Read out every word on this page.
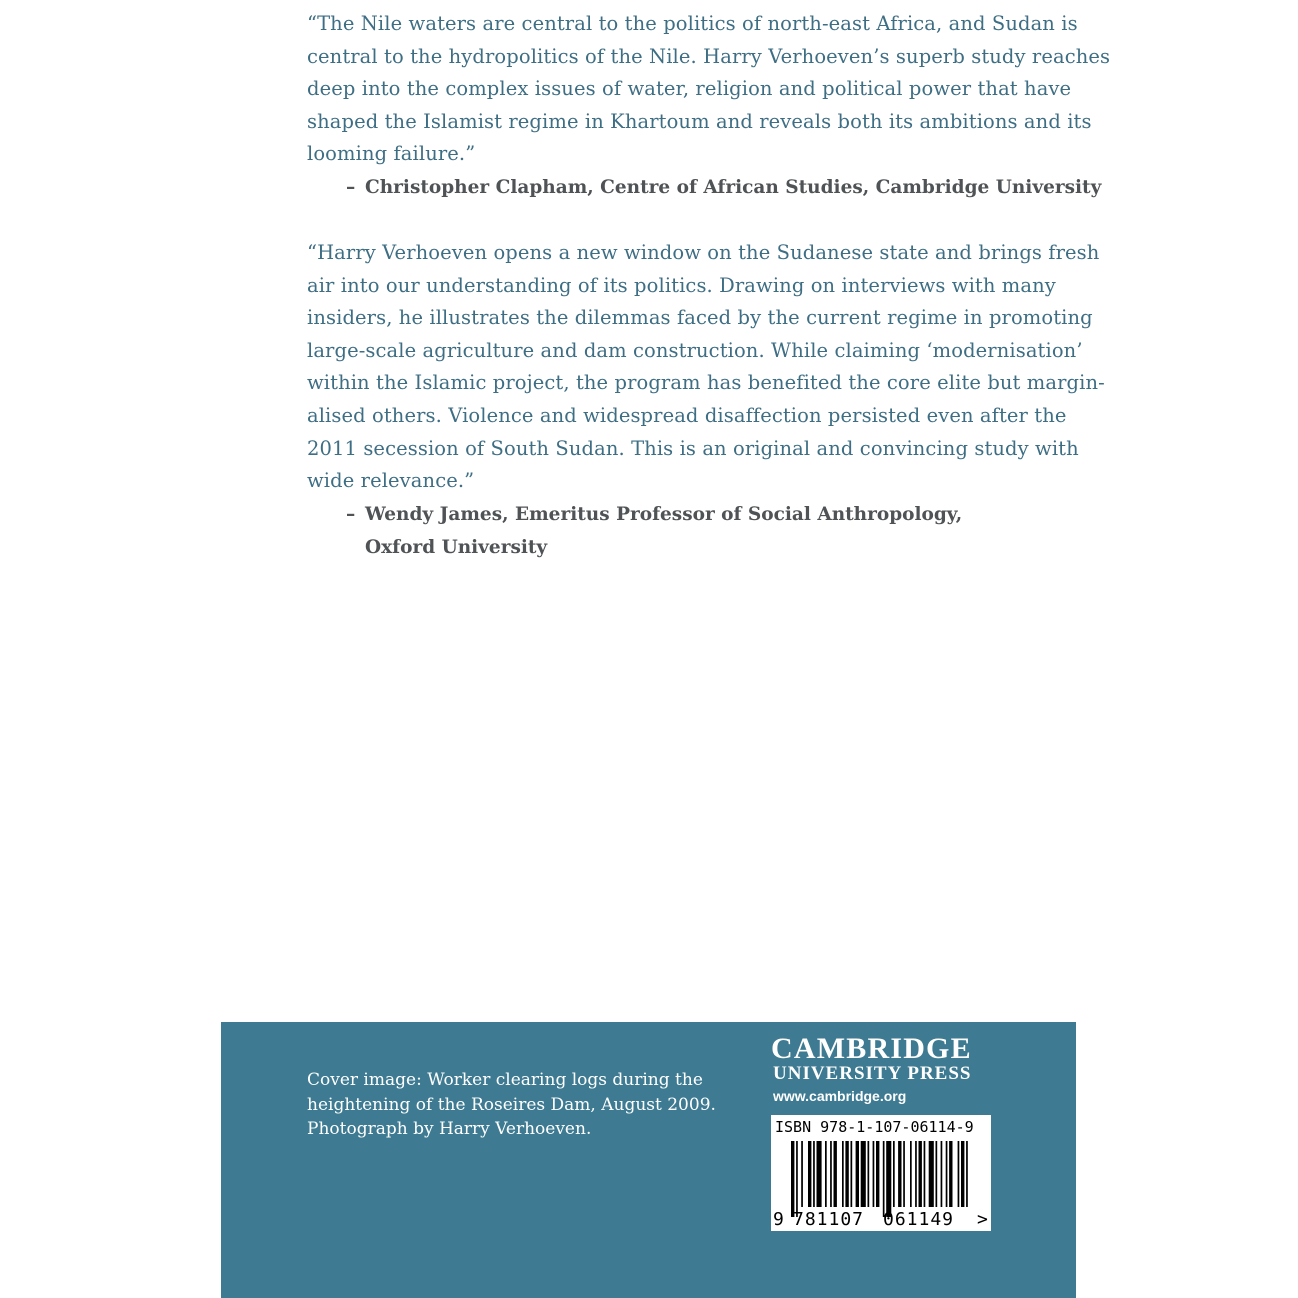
“The Nile waters are central to the politics of north-east Africa, and Sudan is
central to the hydropolitics of the Nile. Harry Verhoeven’s superb study reaches
deep into the complex issues of water, religion and political power that have
shaped the Islamist regime in Khartoum and reveals both its ambitions and its
looming failure.”
– Christopher Clapham, Centre of African Studies, Cambridge University
“Harry Verhoeven opens a new window on the Sudanese state and brings fresh
air into our understanding of its politics. Drawing on interviews with many
insiders, he illustrates the dilemmas faced by the current regime in promoting
large-scale agriculture and dam construction. While claiming ‘modernisation’
within the Islamic project, the program has benefited the core elite but margin-
alised others. Violence and widespread disaffection persisted even after the
2011 secession of South Sudan. This is an original and convincing study with
wide relevance.”
– Wendy James, Emeritus Professor of Social Anthropology,
Oxford University
Cover image: Worker clearing logs during the
heightening of the Roseires Dam, August 2009.
Photograph by Harry Verhoeven.
CAMBRIDGE
UNIVERSITY PRESS
www.cambridge.org
ISBN 978-1-107-06114-9
9 781107 061149 >
